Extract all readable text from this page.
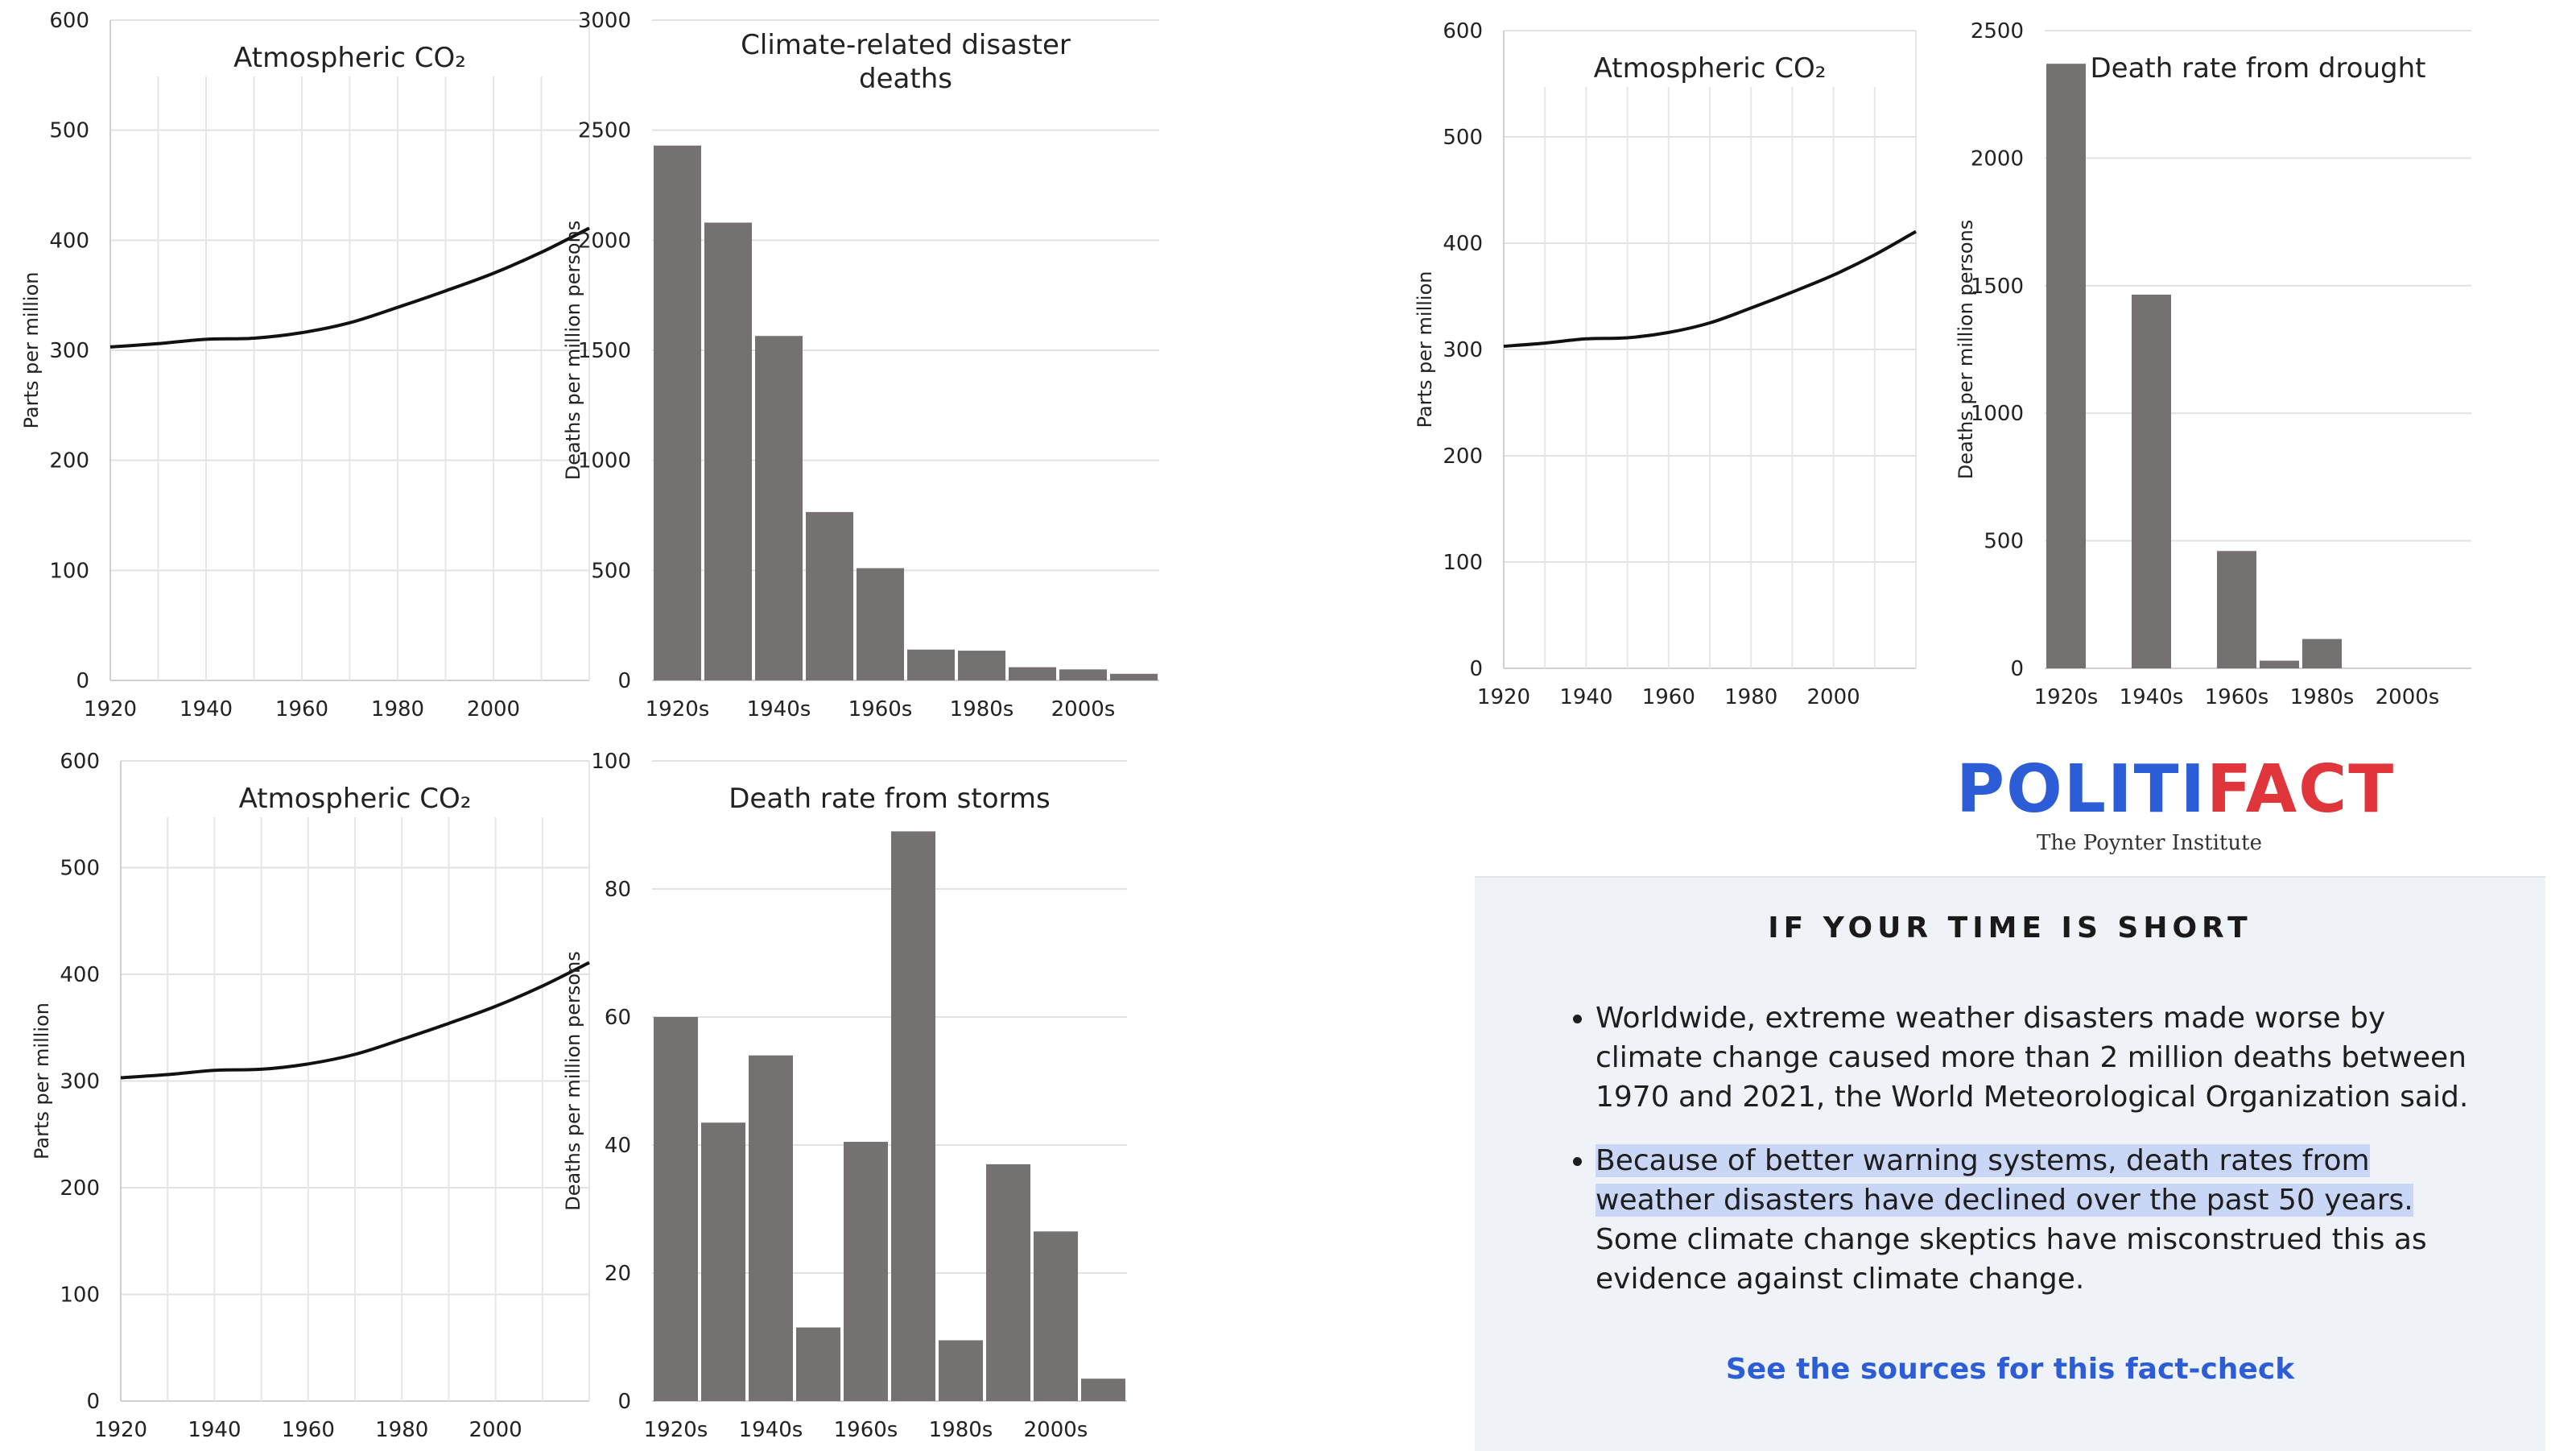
0
100
200
300
400
500
600
Parts per million
1920 1940 1960 1980 2000
Atmospheric CO₂
0
500
1000
1500
2000
2500
3000
Deaths per million persons
1920s 1940s 1960s 1980s 2000s
Climate-related disaster deaths
0
100
200
300
400
500
600
Parts per million
1920 1940 1960 1980 2000
Atmospheric CO₂
0
500
1000
1500
2000
2500
Deaths per million persons
1920s 1940s 1960s 1980s 2000s
Death rate from drought
0
100
200
300
400
500
600
Parts per million
1920 1940 1960 1980 2000
Atmospheric CO₂
0
20
40
60
80
100
Deaths per million persons
1920s 1940s 1960s 1980s 2000s
Death rate from storms	POLITIFACT
The Poynter Institute
IF YOUR TIME IS SHORT
• Worldwide, extreme weather disasters made worse by climate change caused more than 2 million deaths between 1970 and 2021, the World Meteorological Organization said.
• Because of better warning systems, death rates from weather disasters have declined over the past 50 years. Some climate change skeptics have misconstrued this as evidence against climate change.
See the sources for this fact-check
